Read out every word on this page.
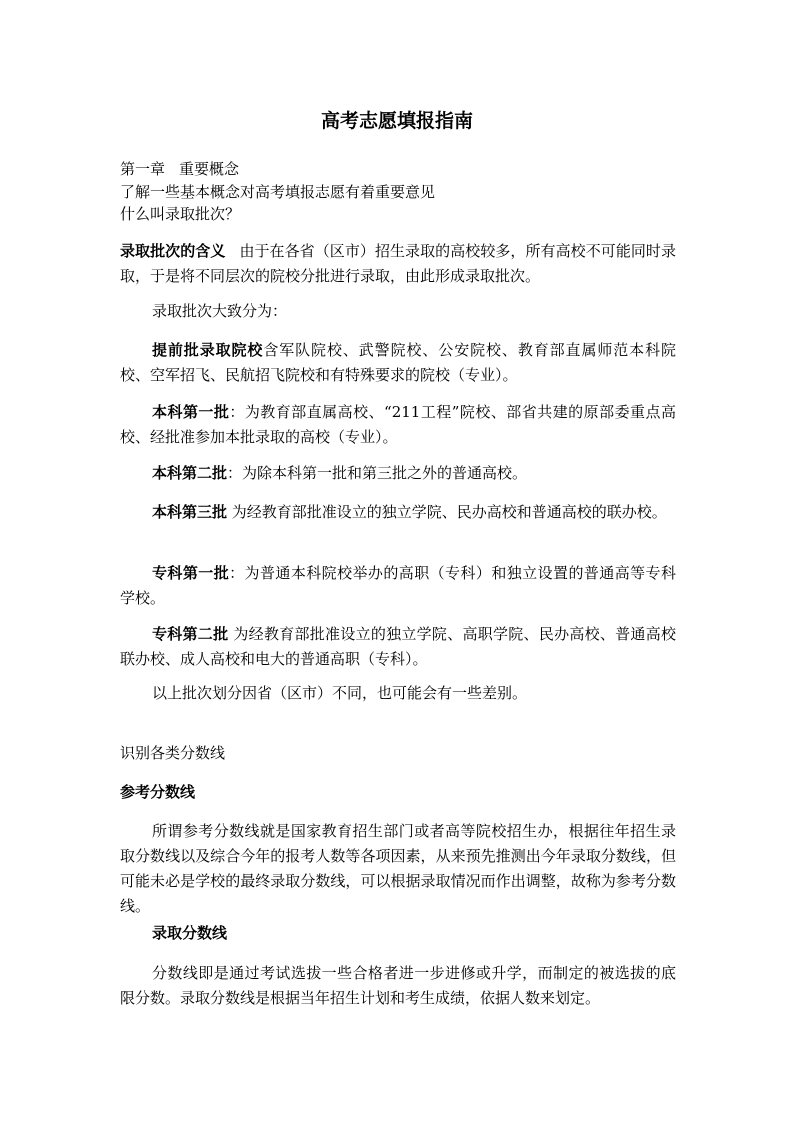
高考志愿填报指南

第一章 重要概念

了解一些基本概念对高考填报志愿有着重要意见

什么叫录取批次？

录取批次的含义 由于在各省（区市）招生录取的高校较多，所有高校不可能同时录取，于是将不同层次的院校分批进行录取，由此形成录取批次。

录取批次大致分为：

提前批录取院校含军队院校、武警院校、公安院校、教育部直属师范本科院校、空军招飞、民航招飞院校和有特殊要求的院校（专业）。

本科第一批：为教育部直属高校、“211工程”院校、部省共建的原部委重点高校、经批准参加本批录取的高校（专业）。

本科第二批：为除本科第一批和第三批之外的普通高校。

本科第三批 为经教育部批准设立的独立学院、民办高校和普通高校的联办校。

专科第一批：为普通本科院校举办的高职（专科）和独立设置的普通高等专科学校。

专科第二批 为经教育部批准设立的独立学院、高职学院、民办高校、普通高校联办校、成人高校和电大的普通高职（专科）。

以上批次划分因省（区市）不同，也可能会有一些差别。

识别各类分数线

参考分数线

所谓参考分数线就是国家教育招生部门或者高等院校招生办，根据往年招生录取分数线以及综合今年的报考人数等各项因素，从来预先推测出今年录取分数线，但可能未必是学校的最终录取分数线，可以根据录取情况而作出调整，故称为参考分数线。

录取分数线

分数线即是通过考试选拔一些合格者进一步进修或升学，而制定的被选拔的底限分数。录取分数线是根据当年招生计划和考生成绩，依据人数来划定。
